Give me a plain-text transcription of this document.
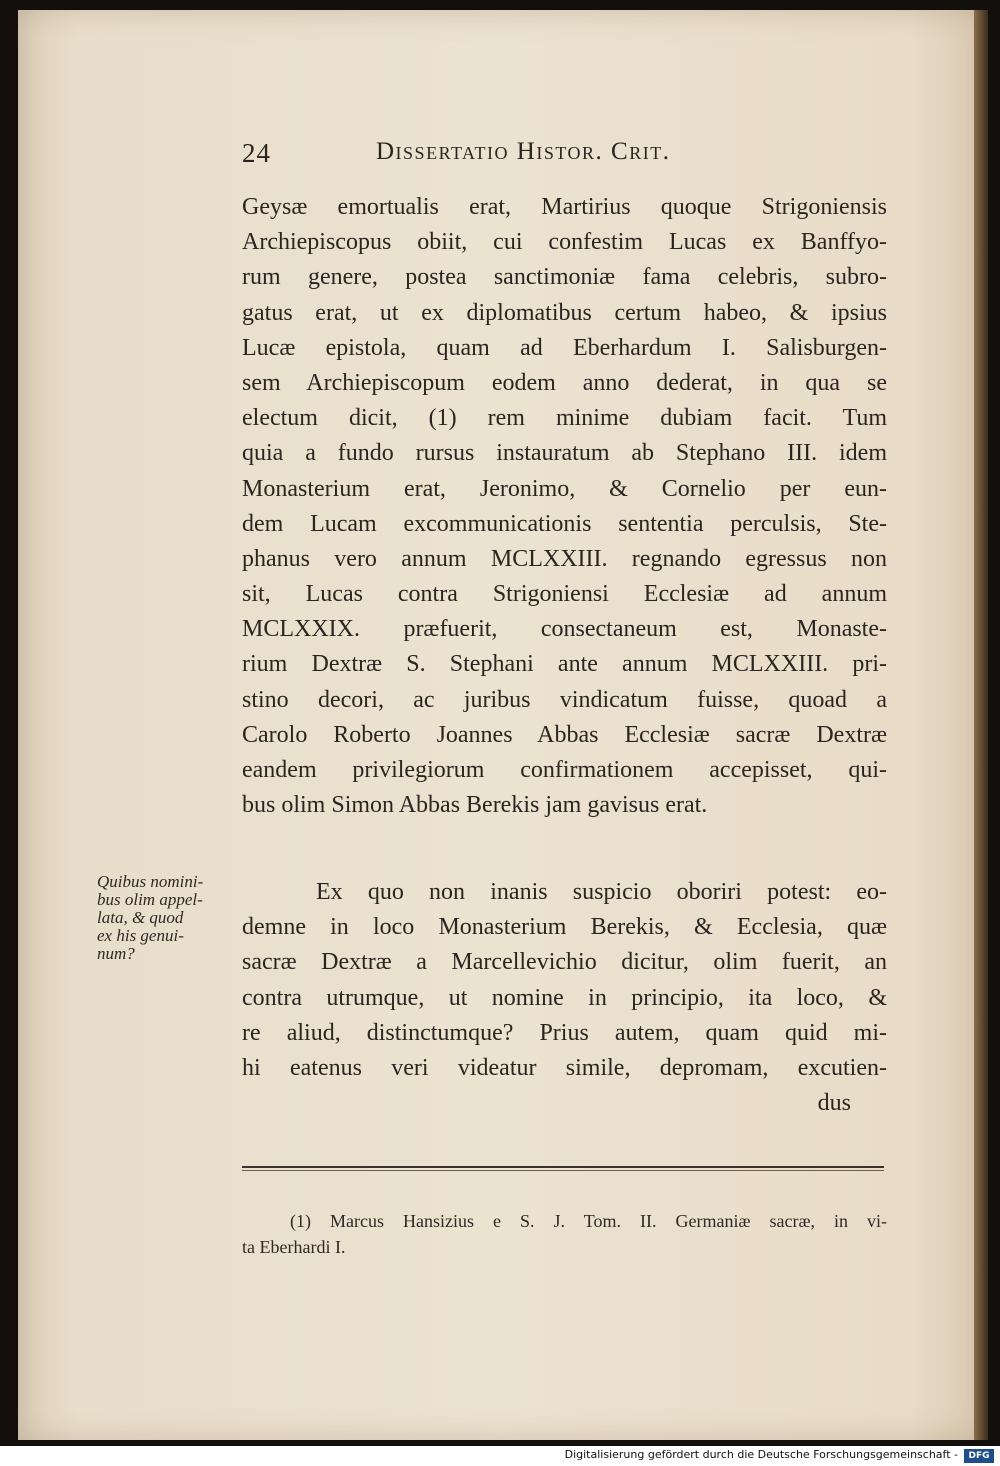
24	Dissertatio Histor. Crit.
Geysæ emortualis erat, Martirius quoque Strigoniensis
Archiepiscopus obiit, cui confestim Lucas ex Banffyo-
rum genere, postea sanctimoniæ fama celebris, subro-
gatus erat, ut ex diplomatibus certum habeo, & ipsius
Lucæ epistola, quam ad Eberhardum I. Salisburgen-
sem Archiepiscopum eodem anno dederat, in qua se
electum dicit, (1) rem minime dubiam facit. Tum
quia a fundo rursus instauratum ab Stephano III. idem
Monasterium erat, Jeronimo, & Cornelio per eun-
dem Lucam excommunicationis sententia perculsis, Ste-
phanus vero annum MCLXXIII. regnando egressus non
sit, Lucas contra Strigoniensi Ecclesiæ ad annum
MCLXXIX. præfuerit, consectaneum est, Monaste-
rium Dextræ S. Stephani ante annum MCLXXIII. pri-
stino decori, ac juribus vindicatum fuisse, quoad a
Carolo Roberto Joannes Abbas Ecclesiæ sacræ Dextræ
eandem privilegiorum confirmationem accepisset, qui-
bus olim Simon Abbas Berekis jam gavisus erat.
Quibus nomini-
bus olim appel-
lata, & quod
ex his genui-
num?
Ex quo non inanis suspicio oboriri potest: eo-
demne in loco Monasterium Berekis, & Ecclesia, quæ
sacræ Dextræ a Marcellevichio dicitur, olim fuerit, an
contra utrumque, ut nomine in principio, ita loco, &
re aliud, distinctumque? Prius autem, quam quid mi-
hi eatenus veri videatur simile, depromam, excutien-
dus
(1) Marcus Hansizius e S. J. Tom. II. Germaniæ sacræ, in vi-
ta Eberhardi I.
Digitalisierung gefördert durch die Deutsche Forschungsgemeinschaft -	DFG
